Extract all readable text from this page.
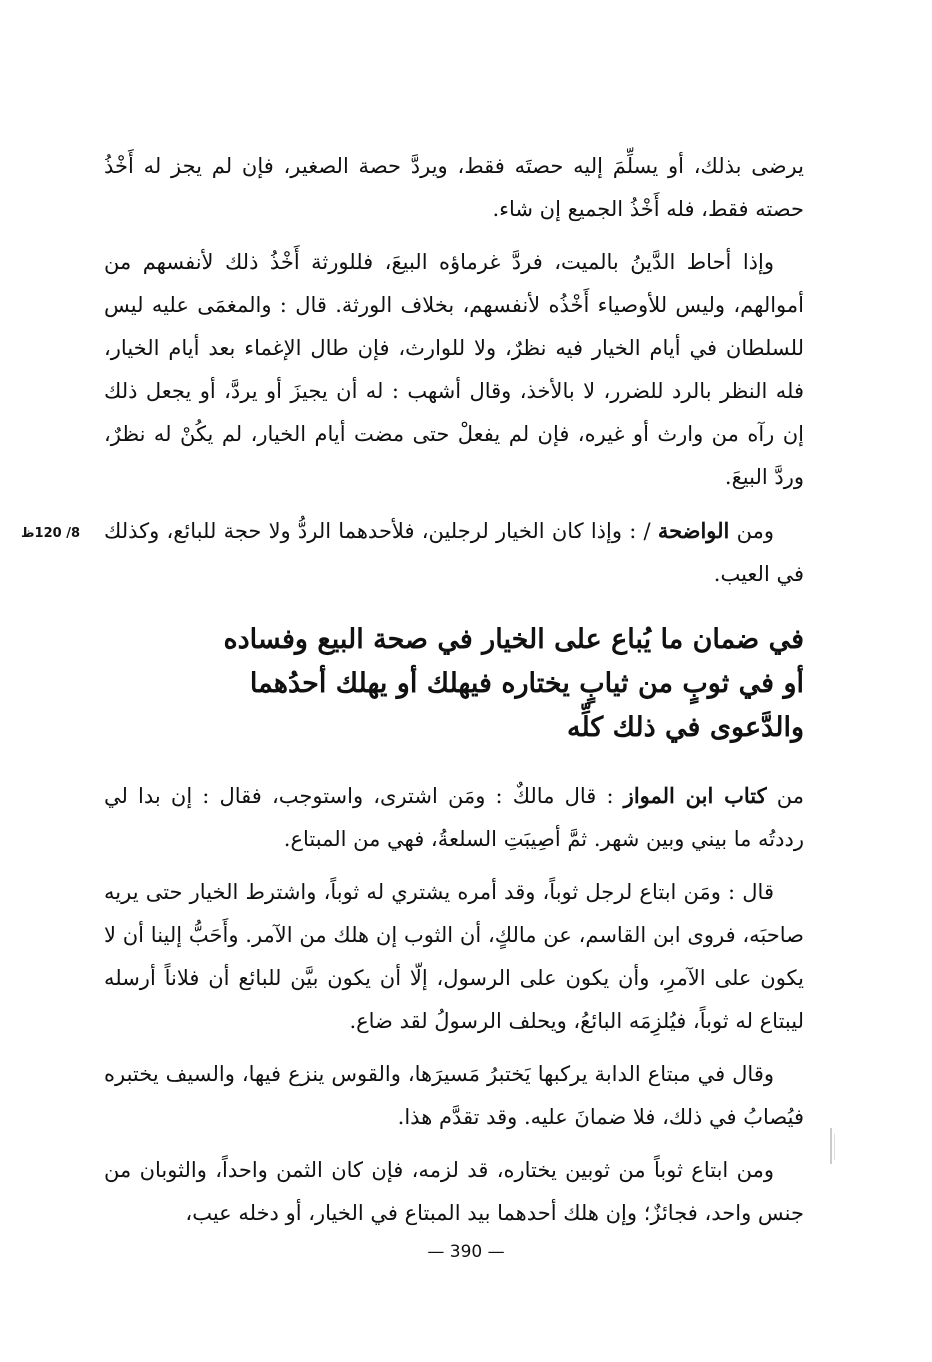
يرضى بذلك، أو يسلِّمَ إليه حصتَه فقط، ويردَّ حصة الصغير، فإن لم يجز له أَخْذُ حصته فقط، فله أَخْذُ الجميع إن شاء.

وإذا أحاط الدَّينُ بالميت، فردَّ غرماؤه البيعَ، فللورثة أَخْذُ ذلك لأنفسهم من أموالهم، وليس للأوصياء أَخْذُه لأنفسهم، بخلاف الورثة. قال : والمغمَى عليه ليس للسلطان في أيام الخيار فيه نظرٌ، ولا للوارث، فإن طال الإغماء بعد أيام الخيار، فله النظر بالرد للضرر، لا بالأخذ، وقال أشهب : له أن يجيزَ أو يردَّ، أو يجعل ذلك إن رآه من وارث أو غيره، فإن لم يفعلْ حتى مضت أيام الخيار، لم يكُنْ له نظرٌ، وردَّ البيعَ.

ومن الواضحة / : وإذا كان الخيار لرجلين، فلأحدهما الردُّ ولا حجة للبائع، وكذلك في العيب.

في ضمان ما يُباع على الخيار في صحة البيع وفساده
أو في ثوبٍ من ثيابٍ يختاره فيهلك أو يهلك أحدُهما
والدَّعوى في ذلك كلِّه

من كتاب ابن المواز : قال مالكٌ : ومَن اشترى، واستوجب، فقال : إن بدا لي رددتُه ما بيني وبين شهر. ثمَّ أصِيبَتِ السلعةُ، فهي من المبتاع.

قال : ومَن ابتاع لرجل ثوباً، وقد أمره يشتري له ثوباً، واشترط الخيار حتى يريه صاحبَه، فروى ابن القاسم، عن مالكٍ، أن الثوب إن هلك من الآمر. وأَحَبُّ إلينا أن لا يكون على الآمرِ، وأن يكون على الرسول، إلّا أن يكون بيَّن للبائع أن فلاناً أرسله ليبتاع له ثوباً، فيُلزِمَه البائعُ، ويحلف الرسولُ لقد ضاع.

وقال في مبتاع الدابة يركبها يَختبرُ مَسيرَها، والقوس ينزع فيها، والسيف يختبره فيُصابُ في ذلك، فلا ضمانَ عليه. وقد تقدَّم هذا.

ومن ابتاع ثوباً من ثوبين يختاره، قد لزمه، فإن كان الثمن واحداً، والثوبان من جنس واحد، فجائزٌ؛ وإن هلك أحدهما بيد المبتاع في الخيار، أو دخله عيب،

8/ 120ظ
— 390 —
